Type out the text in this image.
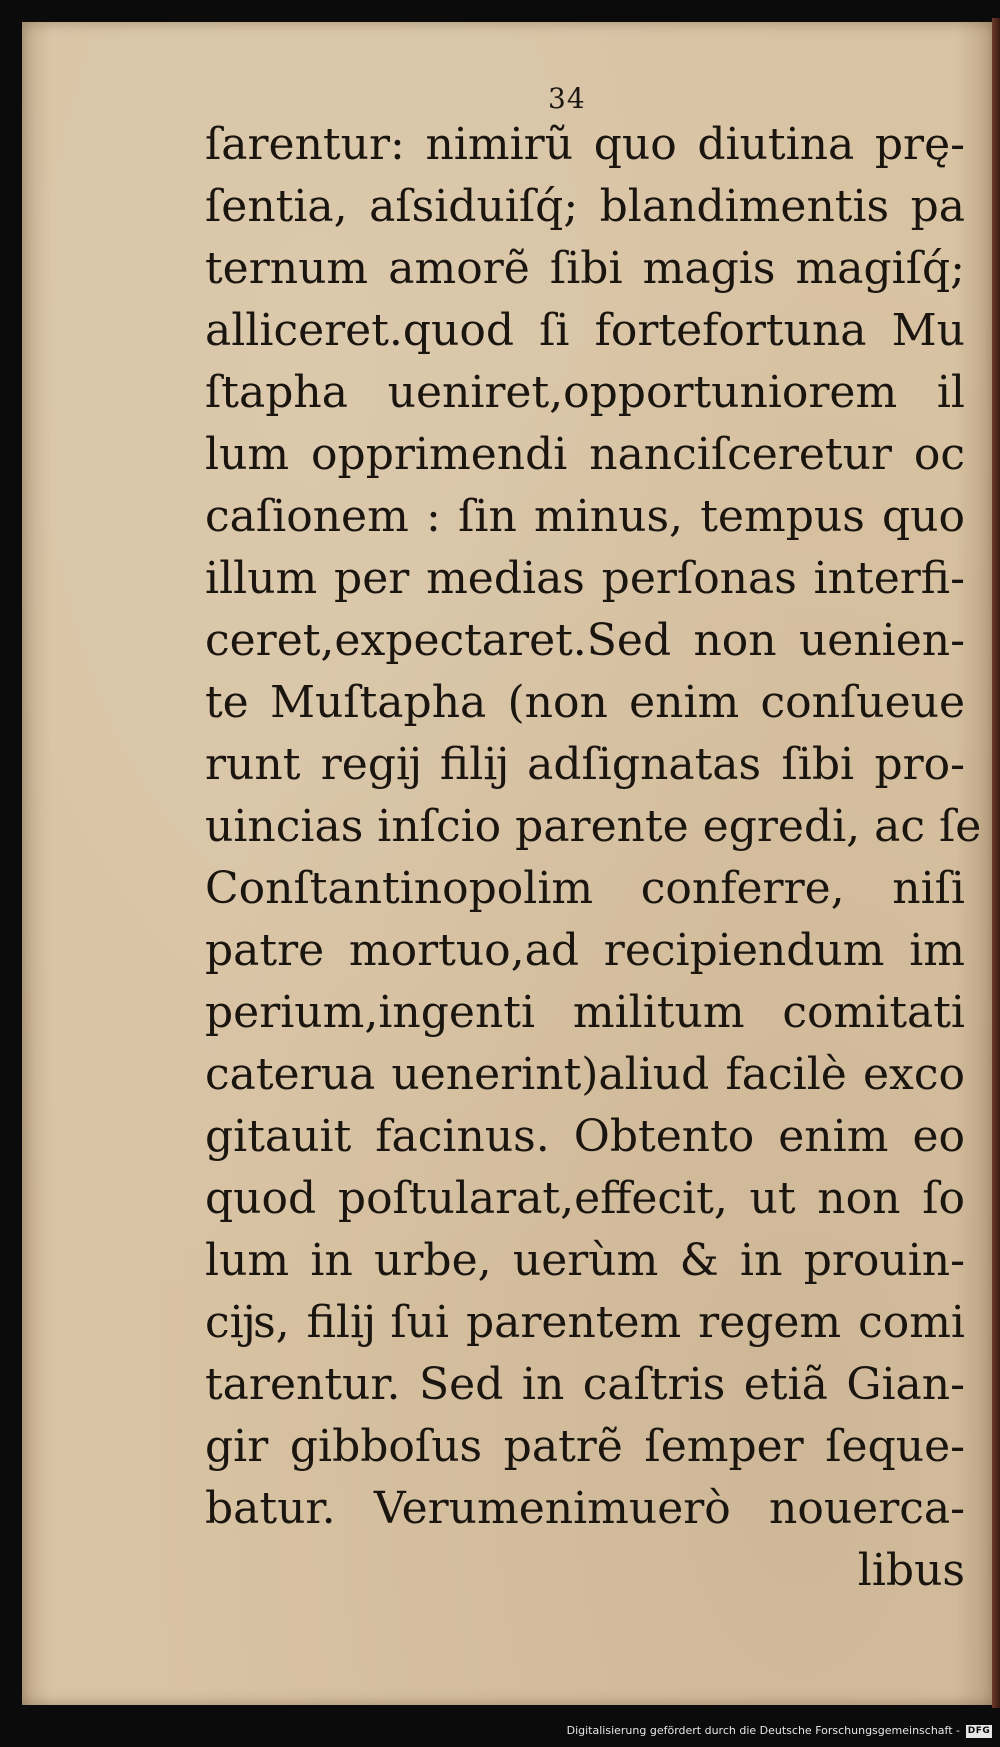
34
ſarentur: nimirũ quo diutina prę-
ſentia, aſsiduiſq́; blandimentis pa
ternum amorẽ ſibi magis magiſq́;
alliceret.quod ſi fortefortuna Mu
ſtapha ueniret,opportuniorem il
lum opprimendi nanciſceretur oc
caſionem : ſin minus, tempus quo
illum per medias perſonas interfi-
ceret,expectaret.Sed non uenien-
te Muſtapha (non enim conſueue
runt regĳ filĳ adſignatas ſibi pro-
uincias inſcio parente egredi, ac ſe
Conſtantinopolim conferre, niſi
patre mortuo,ad recipiendum im
perium,ingenti militum comitati
caterua uenerint)aliud facilè exco
gitauit facinus. Obtento enim eo
quod poſtularat,effecit, ut non ſo
lum in urbe, uerùm & in prouin-
cĳs, filĳ ſui parentem regem comi
tarentur. Sed in caſtris etiã Gian-
gir gibboſus patrẽ ſemper ſeque-
batur. Verumenimuerò nouerca-
libus
Digitalisierung gefördert durch die Deutsche Forschungsgemeinschaft - DFG
